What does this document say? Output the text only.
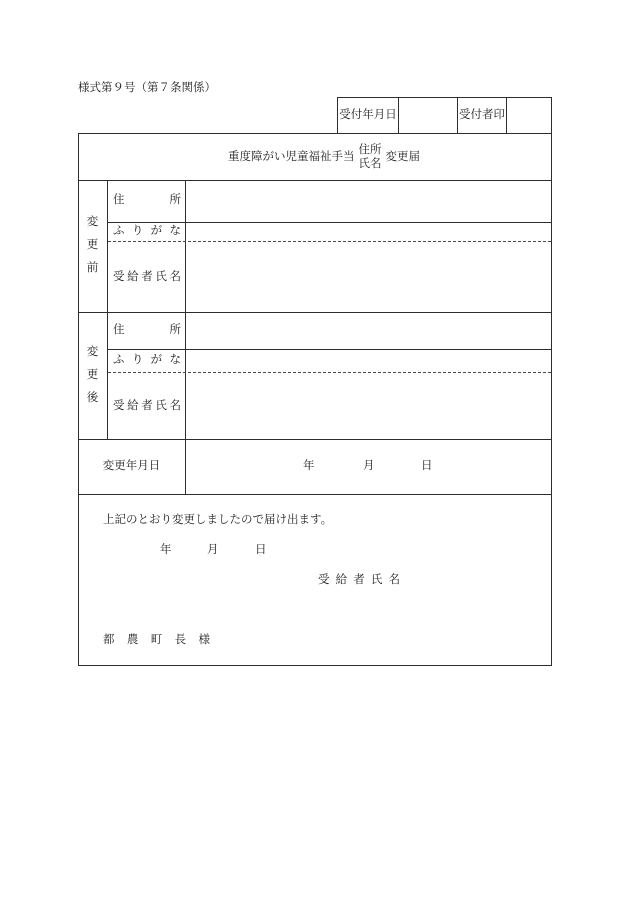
様式第９号（第７条関係）
受付年月日	受付者印
重度障がい児童福祉手当
住所
氏名
変更届
変
更
前
住	所
ふ り が な
受 給 者 氏 名
変
更
後
住	所
ふ り が な
受 給 者 氏 名
変更年月日	年	月	日
上記のとおり変更しましたので届け出ます。
年	月	日
受 給 者 氏 名
都 農 町 長 様
